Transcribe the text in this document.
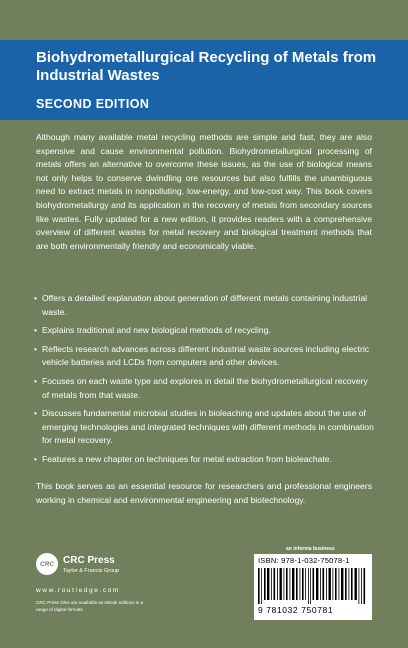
Biohydrometallurgical Recycling of Metals from Industrial Wastes
SECOND EDITION

Although many available metal recycling methods are simple and fast, they are also expensive and cause environmental pollution. Biohydrometallurgical processing of metals offers an alternative to overcome these issues, as the use of biological means not only helps to conserve dwindling ore resources but also fulfills the unambiguous need to extract metals in nonpolluting, low-energy, and low-cost way. This book covers biohydrometallurgy and its application in the recovery of metals from secondary sources like wastes. Fully updated for a new edition, it provides readers with a comprehensive overview of different wastes for metal recovery and biological treatment methods that are both environmentally friendly and economically viable.

• Offers a detailed explanation about generation of different metals containing industrial waste.
• Explains traditional and new biological methods of recycling.
• Reflects research advances across different industrial waste sources including electric vehicle batteries and LCDs from computers and other devices.
• Focuses on each waste type and explores in detail the biohydrometallurgical recovery of metals from that waste.
• Discusses fundamental microbial studies in bioleaching and updates about the use of emerging technologies and integrated techniques with different methods in combination for metal recovery.
• Features a new chapter on techniques for metal extraction from bioleachate.

This book serves as an essential resource for researchers and professional engineers working in chemical and environmental engineering and biotechnology.

CRC CRC Press
Taylor & Francis Group
www.routledge.com
CRC Press titles are available as eBook editions in a range of digital formats
an informa business
ISBN: 978-1-032-75078-1
9 781032 750781
